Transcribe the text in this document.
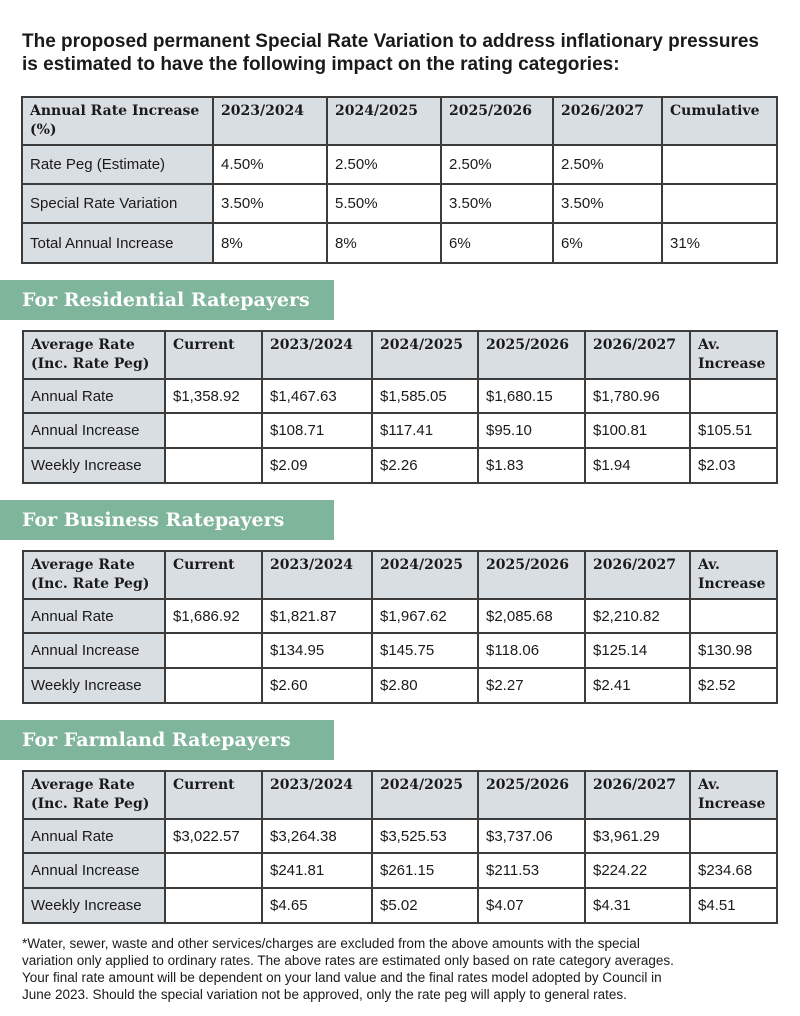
The proposed permanent Special Rate Variation to address inflationary pressures
is estimated to have the following impact on the rating categories:

Annual Rate Increase
(%)	2023/2024	2024/2025	2025/2026	2026/2027	Cumulative
Rate Peg (Estimate)	4.50%	2.50%	2.50%	2.50%	
Special Rate Variation	3.50%	5.50%	3.50%	3.50%	
Total Annual Increase	8%	8%	6%	6%	31%
For Residential Ratepayers
Average Rate
(Inc. Rate Peg)	Current	2023/2024	2024/2025	2025/2026	2026/2027	Av.
Increase

Annual Rate	$1,358.92	$1,467.63	$1,585.05	$1,680.15	$1,780.96	
Annual Increase		$108.71	$117.41	$95.10	$100.81	$105.51
Weekly Increase		$2.09	$2.26	$1.83	$1.94	$2.03
For Business Ratepayers
Average Rate
(Inc. Rate Peg)	Current	2023/2024	2024/2025	2025/2026	2026/2027	Av.
Increase

Annual Rate	$1,686.92	$1,821.87	$1,967.62	$2,085.68	$2,210.82	
Annual Increase		$134.95	$145.75	$118.06	$125.14	$130.98
Weekly Increase		$2.60	$2.80	$2.27	$2.41	$2.52
For Farmland Ratepayers
Average Rate
(Inc. Rate Peg)	Current	2023/2024	2024/2025	2025/2026	2026/2027	Av.
Increase

Annual Rate	$3,022.57	$3,264.38	$3,525.53	$3,737.06	$3,961.29	
Annual Increase		$241.81	$261.15	$211.53	$224.22	$234.68
Weekly Increase		$4.65	$5.02	$4.07	$4.31	$4.51

*Water, sewer, waste and other services/charges are excluded from the above amounts with the special
variation only applied to ordinary rates. The above rates are estimated only based on rate category averages.
Your final rate amount will be dependent on your land value and the final rates model adopted by Council in
June 2023. Should the special variation not be approved, only the rate peg will apply to general rates.
